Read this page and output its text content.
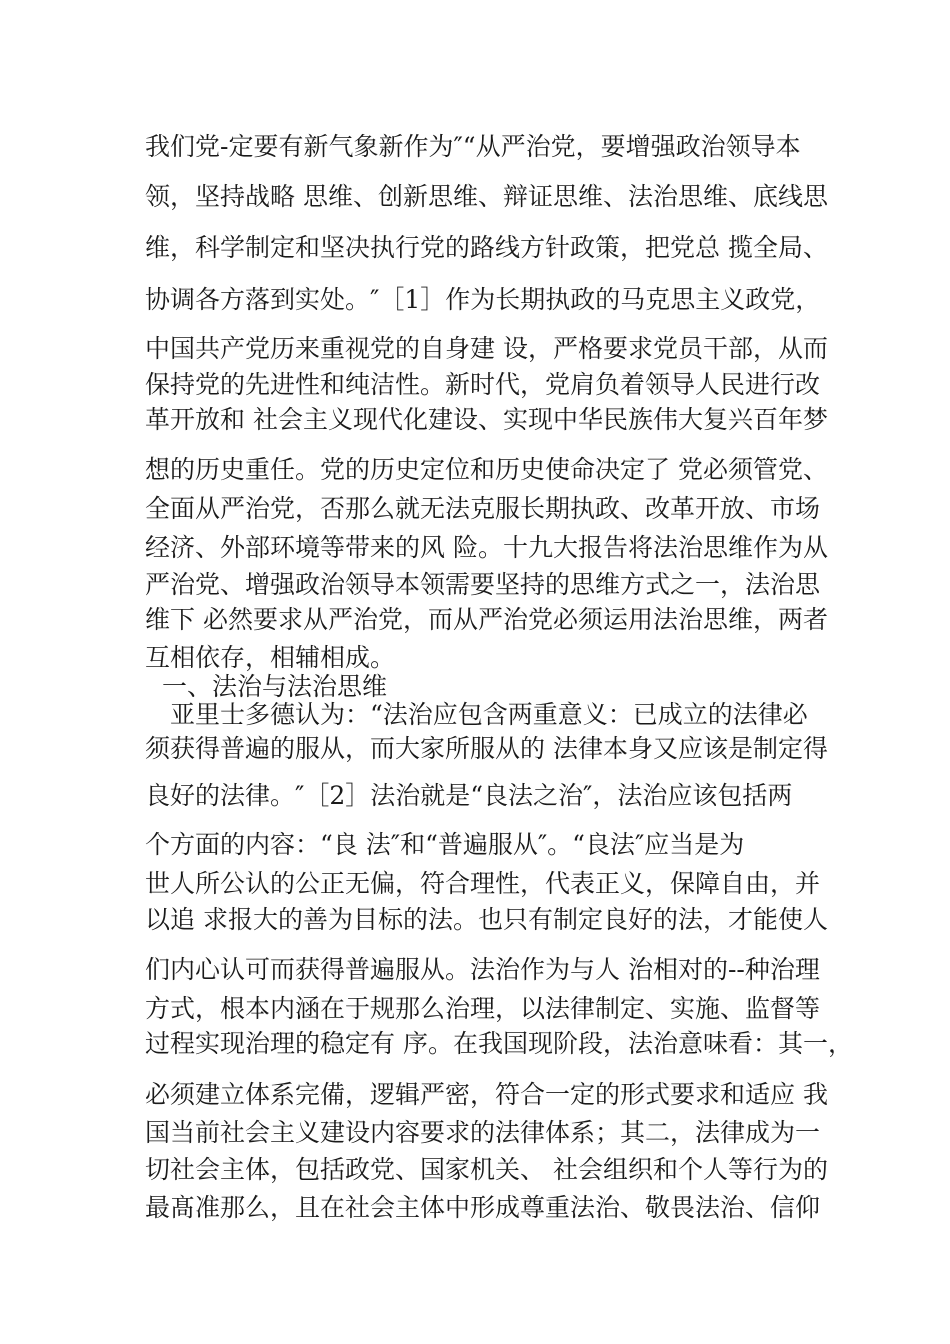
我们党-定要有新气象新作为″“从严治党，要增强政治领导本
领，坚持战略 思维、创新思维、辩证思维、法治思维、底线思
维，科学制定和坚决执行党的路线方针政策，把党总 揽全局、
协调各方落到实处。″［1］作为长期执政的马克思主义政党，
中国共产党历来重视党的自身建 设，严格要求党员干部，从而
保持党的先进性和纯洁性。新时代，党肩负着领导人民进行改
革开放和 社会主义现代化建设、实现中华民族伟大复兴百年梦
想的历史重任。党的历史定位和历史使命决定了 党必须管党、
全面从严治党，否那么就无法克服长期执政、改革开放、市场
经济、外部环境等带来的风 险。十九大报告将法治思维作为从
严治党、增强政治领导本领需要坚持的思维方式之一，法治思
维下 必然要求从严治党，而从严治党必须运用法治思维，两者
互相依存，相辅相成。
一、法治与法治思维
亚里士多德认为：“法治应包含两重意义：已成立的法律必
须获得普遍的服从，而大家所服从的 法律本身又应该是制定得
良好的法律。″［2］法治就是“良法之治″，法治应该包括两
个方面的内容：“良 法″和“普遍服从″。“良法″应当是为
世人所公认的公正无偏，符合理性，代表正义，保障自由，并
以追 求报大的善为目标的法。也只有制定良好的法，才能使人
们内心认可而获得普遍服从。法治作为与人 治相对的--种治理
方式，根本内涵在于规那么治理，以法律制定、实施、监督等
过程实现治理的稳定有 序。在我国现阶段，法治意味看：其一，
必须建立体系完備，逻辑严密，符合一定的形式要求和适应 我
国当前社会主义建设内容要求的法律体系；其二，法律成为一
切社会主体，包括政党、国家机关、 社会组织和个人等行为的
最髙准那么，且在社会主体中形成尊重法治、敬畏法治、信仰
